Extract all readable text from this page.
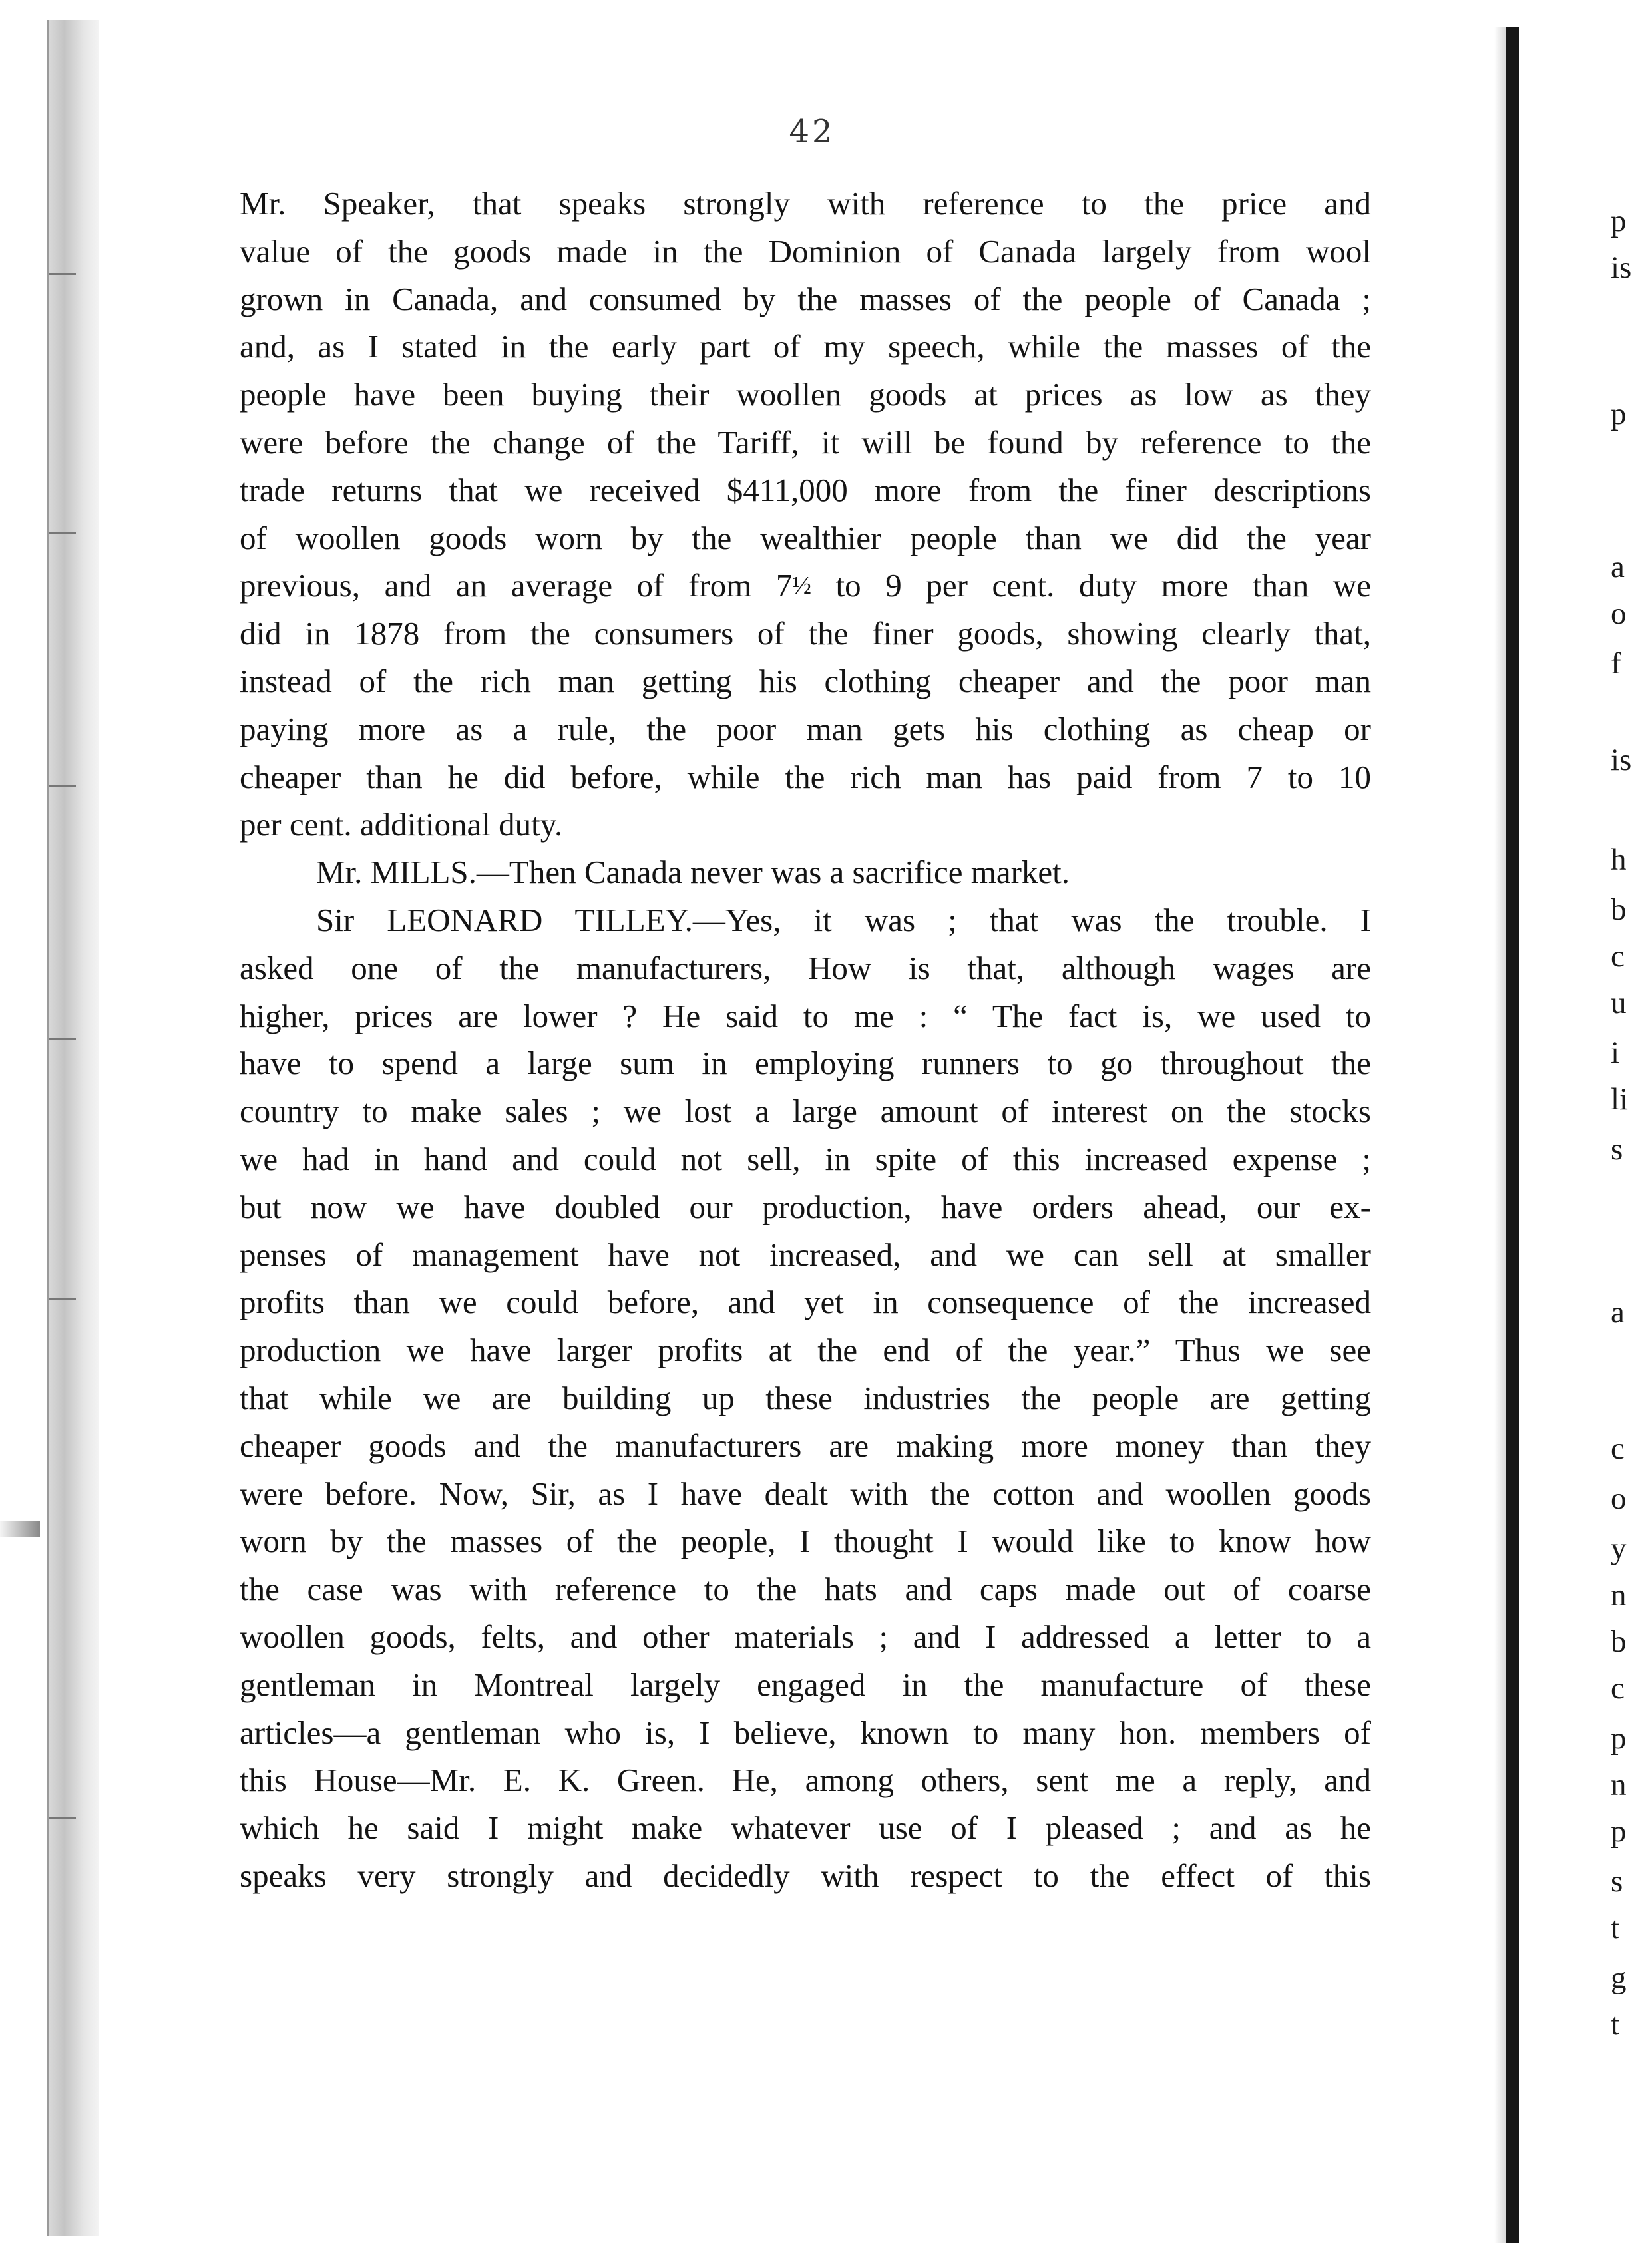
42
Mr. Speaker, that speaks strongly with reference to the price and
value of the goods made in the Dominion of Canada largely from wool
grown in Canada, and consumed by the masses of the people of Canada ;
and, as I stated in the early part of my speech, while the masses of the
people have been buying their woollen goods at prices as low as they
were before the change of the Tariff, it will be found by reference to the
trade returns that we received $411,000 more from the finer descriptions
of woollen goods worn by the wealthier people than we did the year
previous, and an average of from 7½ to 9 per cent. duty more than we
did in 1878 from the consumers of the finer goods, showing clearly that,
instead of the rich man getting his clothing cheaper and the poor man
paying more as a rule, the poor man gets his clothing as cheap or
cheaper than he did before, while the rich man has paid from 7 to 10
per cent. additional duty.
Mr. MILLS.—Then Canada never was a sacrifice market.
Sir LEONARD TILLEY.—Yes, it was ; that was the trouble. I
asked one of the manufacturers, How is that, although wages are
higher, prices are lower ? He said to me : “ The fact is, we used to
have to spend a large sum in employing runners to go throughout the
country to make sales ; we lost a large amount of interest on the stocks
we had in hand and could not sell, in spite of this increased expense ;
but now we have doubled our production, have orders ahead, our ex-
penses of management have not increased, and we can sell at smaller
profits than we could before, and yet in consequence of the increased
production we have larger profits at the end of the year.” Thus we see
that while we are building up these industries the people are getting
cheaper goods and the manufacturers are making more money than they
were before. Now, Sir, as I have dealt with the cotton and woollen goods
worn by the masses of the people, I thought I would like to know how
the case was with reference to the hats and caps made out of coarse
woollen goods, felts, and other materials ; and I addressed a letter to a
gentleman in Montreal largely engaged in the manufacture of these
articles—a gentleman who is, I believe, known to many hon. members of
this House—Mr. E. K. Green. He, among others, sent me a reply, and
which he said I might make whatever use of I pleased ; and as he
speaks very strongly and decidedly with respect to the effect of this
p
is
p
a
o
f
is
h
b
c
u
i
li
s
a
c
o
y
n
b
c
p
n
p
s
t
g
t
